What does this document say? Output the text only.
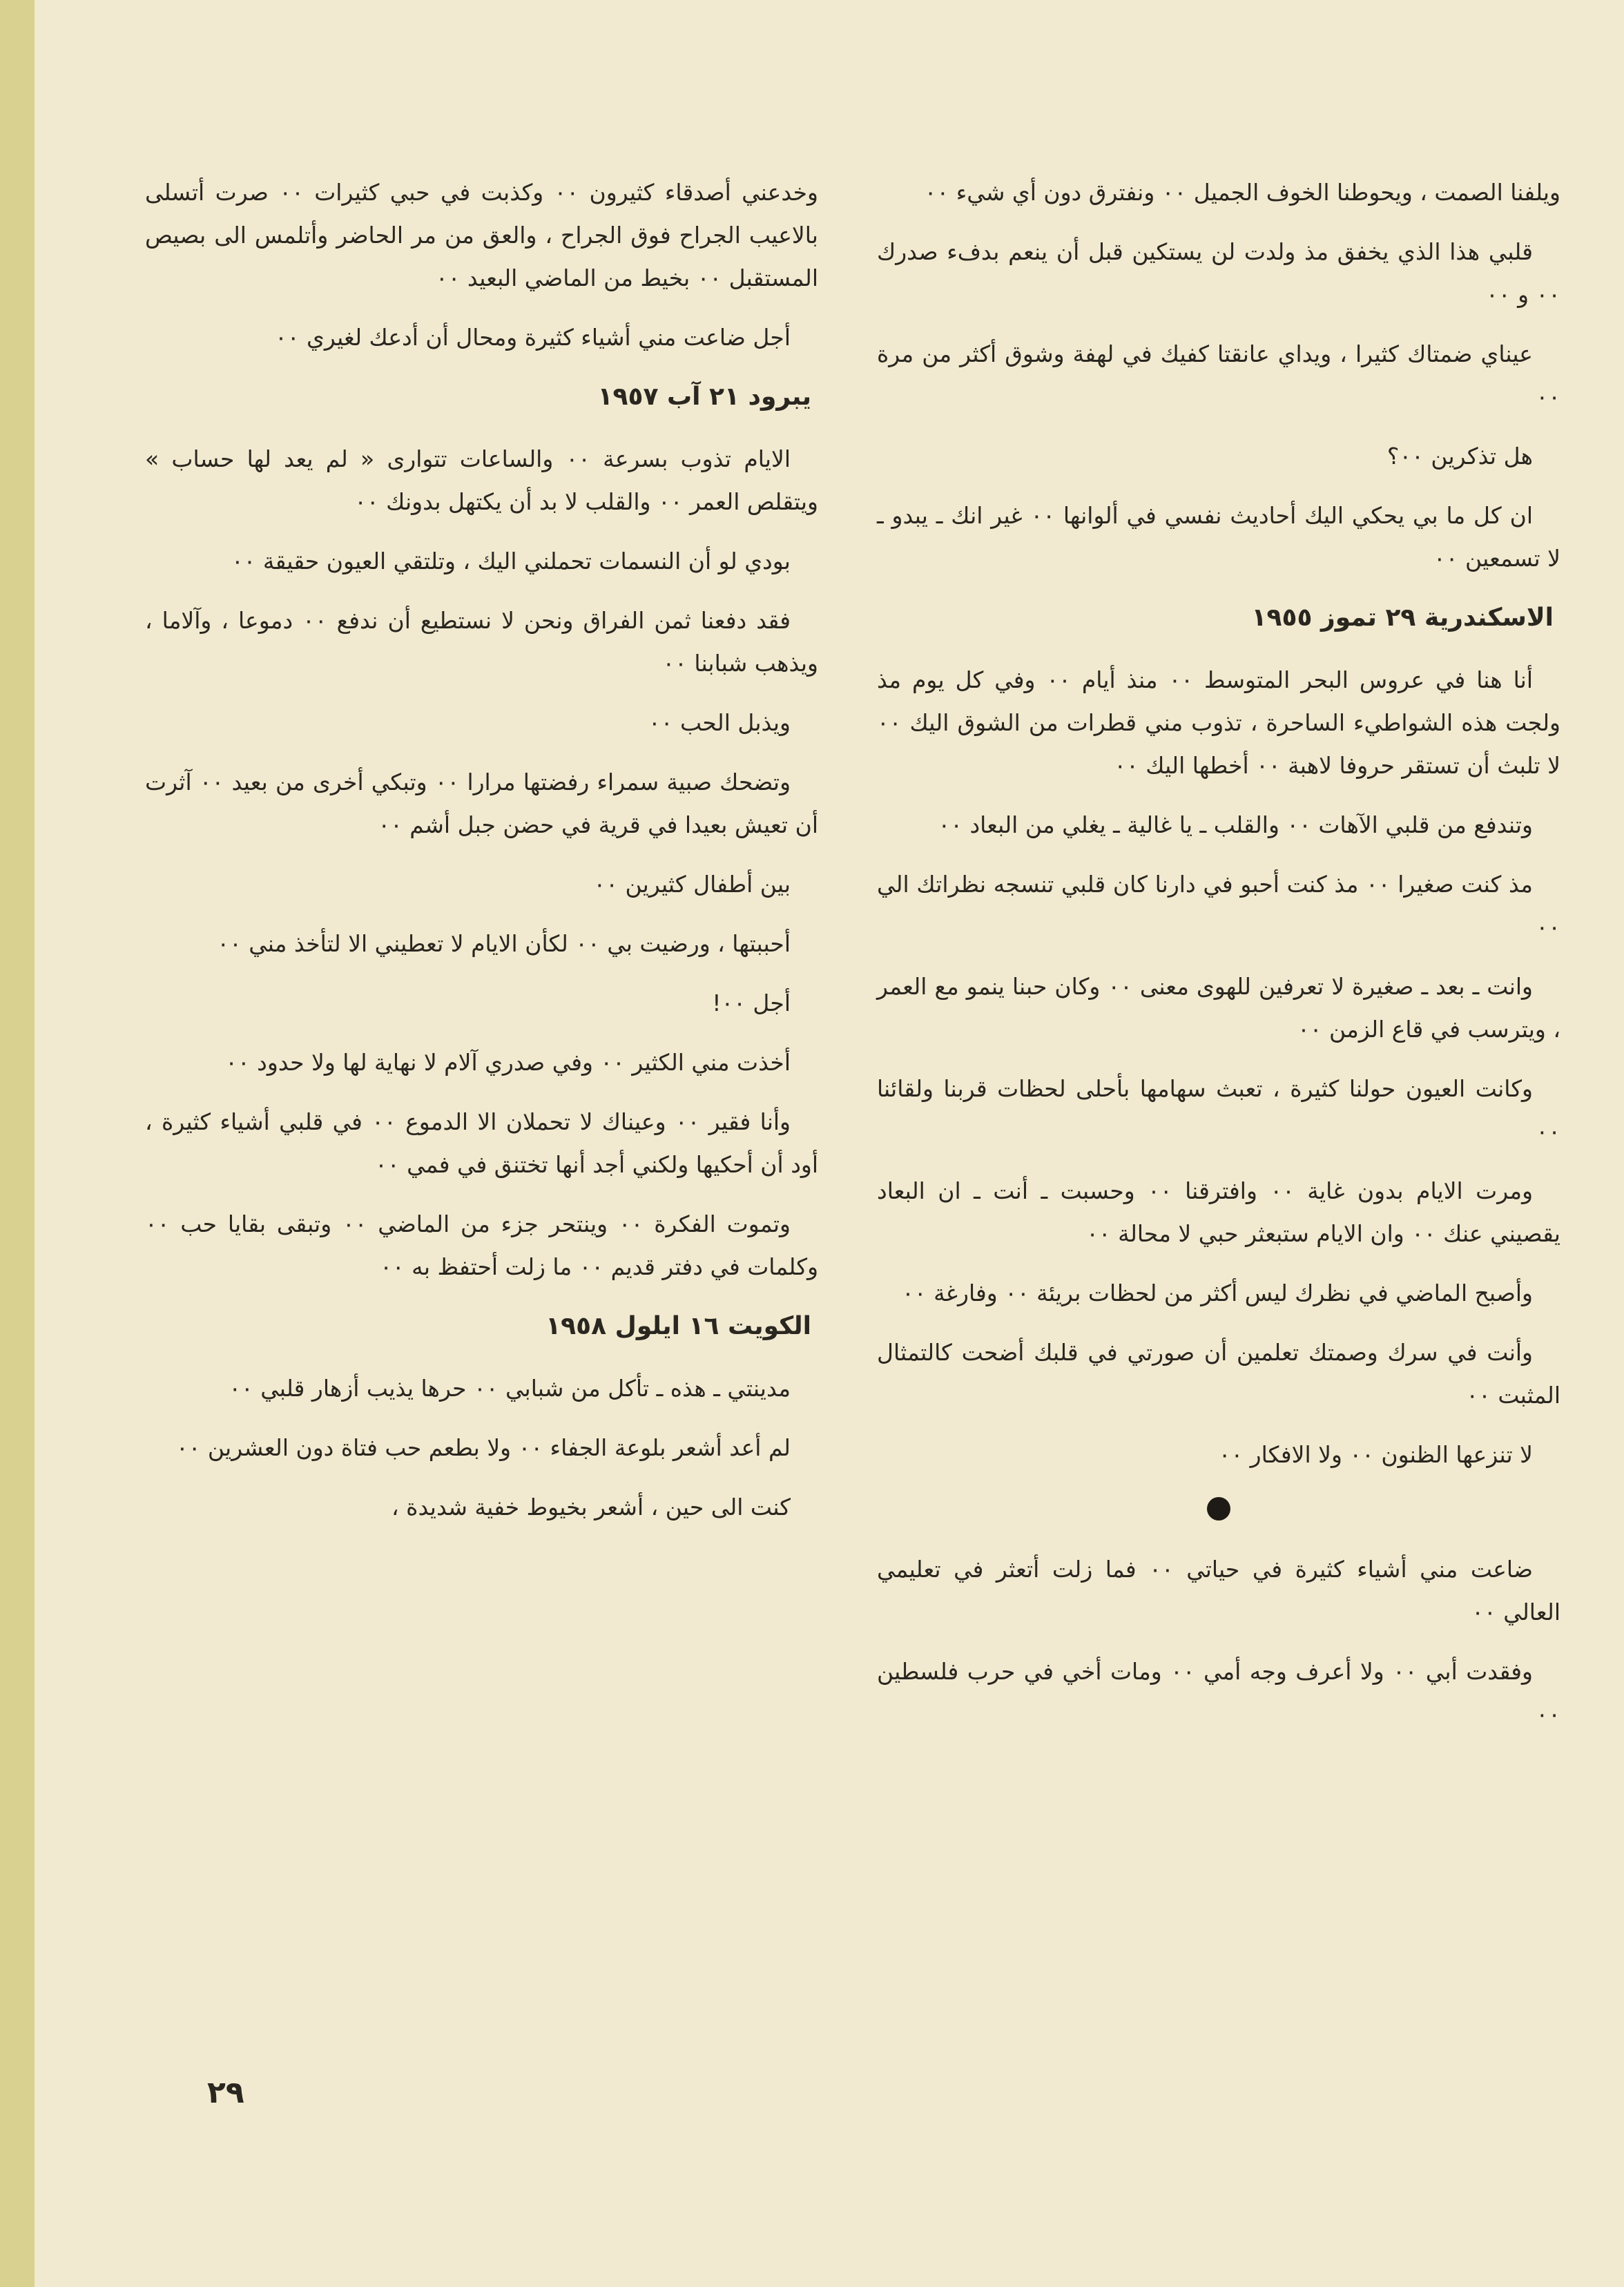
ويلفنا الصمت ، ويحوطنا الخوف الجميل ٠٠ ونفترق دون أي شيء ٠٠

قلبي هذا الذي يخفق مذ ولدت لن يستكين قبل أن ينعم بدفء صدرك ٠٠ و ٠٠

عيناي ضمتاك كثيرا ، ويداي عانقتا كفيك في لهفة وشوق أكثر من مرة ٠٠

هل تذكرين ٠٠؟

ان كل ما بي يحكي اليك أحاديث نفسي في ألوانها ٠٠ غير انك ـ يبدو ـ لا تسمعين ٠٠

الاسكندرية ٢٩ تموز ١٩٥٥

أنا هنا في عروس البحر المتوسط ٠٠ منذ أيام ٠٠ وفي كل يوم مذ ولجت هذه الشواطيء الساحرة ، تذوب مني قطرات من الشوق اليك ٠٠ لا تلبث أن تستقر حروفا لاهبة ٠٠ أخطها اليك ٠٠

وتندفع من قلبي الآهات ٠٠ والقلب ـ يا غالية ـ يغلي من البعاد ٠٠

مذ كنت صغيرا ٠٠ مذ كنت أحبو في دارنا كان قلبي تنسجه نظراتك الي ٠٠

وانت ـ بعد ـ صغيرة لا تعرفين للهوى معنى ٠٠ وكان حبنا ينمو مع العمر ، ويترسب في قاع الزمن ٠٠

وكانت العيون حولنا كثيرة ، تعبث سهامها بأحلى لحظات قربنا ولقائنا ٠٠

ومرت الايام بدون غاية ٠٠ وافترقنا ٠٠ وحسبت ـ أنت ـ ان البعاد يقصيني عنك ٠٠ وان الايام ستبعثر حبي لا محالة ٠٠

وأصبح الماضي في نظرك ليس أكثر من لحظات بريئة ٠٠ وفارغة ٠٠

وأنت في سرك وصمتك تعلمين أن صورتي في قلبك أضحت كالتمثال المثبت ٠٠

لا تنزعها الظنون ٠٠ ولا الافكار ٠٠

ضاعت مني أشياء كثيرة في حياتي ٠٠ فما زلت أتعثر في تعليمي العالي ٠٠

وفقدت أبي ٠٠ ولا أعرف وجه أمي ٠٠ ومات أخي في حرب فلسطين ٠٠

وخدعني أصدقاء كثيرون ٠٠ وكذبت في حبي كثيرات ٠٠ صرت أتسلى بالاعيب الجراح فوق الجراح ، والعق من مر الحاضر وأتلمس الى بصيص المستقبل ٠٠ بخيط من الماضي البعيد ٠٠

أجل ضاعت مني أشياء كثيرة ومحال أن أدعك لغيري ٠٠

يبرود ٢١ آب ١٩٥٧

الايام تذوب بسرعة ٠٠ والساعات تتوارى « لم يعد لها حساب » ويتقلص العمر ٠٠ والقلب لا بد أن يكتهل بدونك ٠٠

بودي لو أن النسمات تحملني اليك ، وتلتقي العيون حقيقة ٠٠

فقد دفعنا ثمن الفراق ونحن لا نستطيع أن ندفع ٠٠ دموعا ، وآلاما ، ويذهب شبابنا ٠٠

ويذبل الحب ٠٠

وتضحك صبية سمراء رفضتها مرارا ٠٠ وتبكي أخرى من بعيد ٠٠ آثرت أن تعيش بعيدا في قرية في حضن جبل أشم ٠٠

بين أطفال كثيرين ٠٠

أحببتها ، ورضيت بي ٠٠ لكأن الايام لا تعطيني الا لتأخذ مني ٠٠

أجل ٠٠!

أخذت مني الكثير ٠٠ وفي صدري آلام لا نهاية لها ولا حدود ٠٠

وأنا فقير ٠٠ وعيناك لا تحملان الا الدموع ٠٠ في قلبي أشياء كثيرة ، أود أن أحكيها ولكني أجد أنها تختنق في فمي ٠٠

وتموت الفكرة ٠٠ وينتحر جزء من الماضي ٠٠ وتبقى بقايا حب ٠٠ وكلمات في دفتر قديم ٠٠ ما زلت أحتفظ به ٠٠

الكويت ١٦ ايلول ١٩٥٨

مدينتي ـ هذه ـ تأكل من شبابي ٠٠ حرها يذيب أزهار قلبي ٠٠

لم أعد أشعر بلوعة الجفاء ٠٠ ولا بطعم حب فتاة دون العشرين ٠٠

كنت الى حين ، أشعر بخيوط خفية شديدة ،

٢٩
